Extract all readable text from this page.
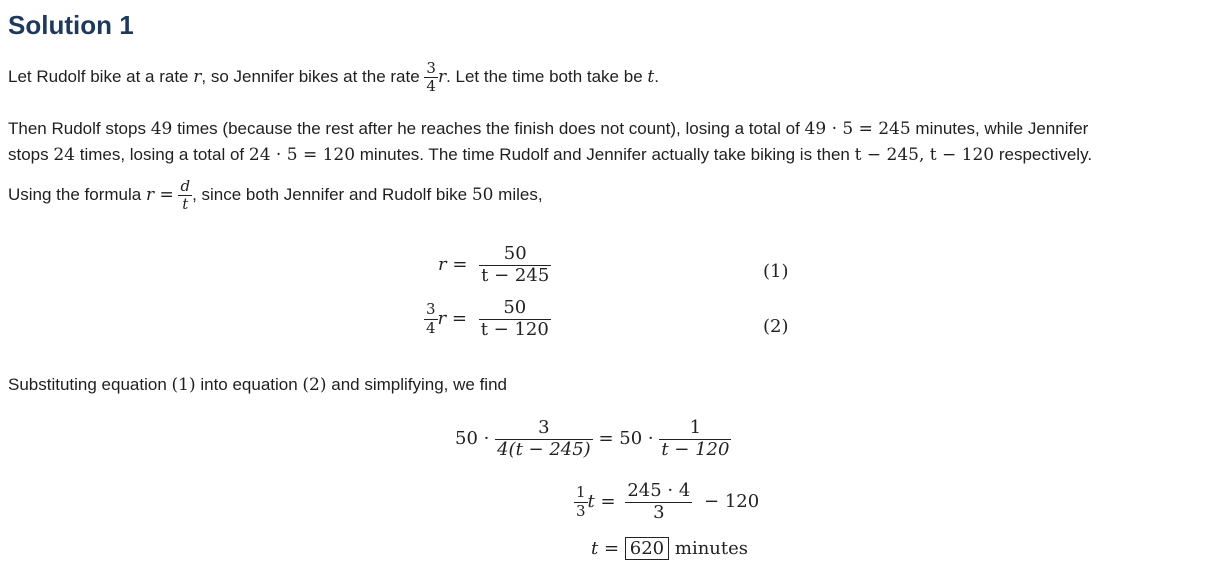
Solution 1
Let Rudolf bike at a rate r, so Jennifer bikes at the rate $\frac{3}{4} r$. Let the time both take be t.
Then Rudolf stops 49 times (because the rest after he reaches the finish does not count), losing a total of 49 · 5 = 245 minutes, while Jennifer
stops 24 times, losing a total of 24 · 5 = 120 minutes. The time Rudolf and Jennifer actually take biking is then t − 245, t − 120 respectively.
Using the formula $r = \frac{d}{t}$ , since both Jennifer and Rudolf bike 50 miles,
$r = \frac{50}{t - 245}$
$\frac{3}{4}$ $r = \frac{50}{t - 120}$
(1)
(2)
Substituting equation (1) into equation (2) and simplifying, we find
$50 \cdot \frac{3}{4(t - 245)} = 50 \cdot \frac{1}{t - 120}$
$\frac{1}{3}$ $t = \frac{245 \cdot 4}{3} - 120$
t = 620 minutes
